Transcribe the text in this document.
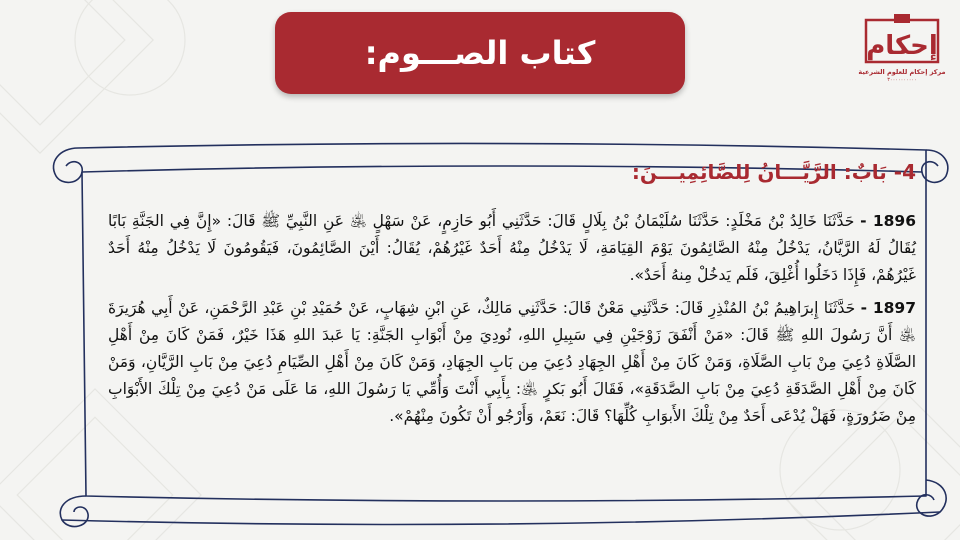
كتاب الصـــوم:	إحكام
مركز إحكام للعلوم الشرعية
٣٠٠٠٠٠٠٠٠٠٠
4- بَابٌ: الرَّيَّـــانُ لِلصَّائِمِيـــنَ:

1896 - حَدَّثَنَا خَالِدُ بْنُ مَخْلَدٍ: حَدَّثَنَا سُلَيْمَانُ بْنُ بِلَالٍ قَالَ: حَدَّثَنِي أَبُو حَازِمٍ، عَنْ سَهْلٍ ﵁ عَنِ النَّبِيِّ ﷺ قَالَ: «إِنَّ فِي الجَنَّةِ بَابًا يُقَالُ لَهُ الرَّيَّانُ، يَدْخُلُ مِنْهُ الصَّائِمُونَ يَوْمَ القِيَامَةِ، لَا يَدْخُلُ مِنْهُ أَحَدٌ غَيْرُهُمْ، يُقَالُ: أَيْنَ الصَّائِمُونَ، فَيَقُومُونَ لَا يَدْخُلُ مِنْهُ أَحَدٌ غَيْرُهُمْ، فَإِذَا دَخَلُوا أُغْلِقَ، فَلَم يَدخُلْ مِنهُ أَحَدٌ».

1897 - حَدَّثَنَا إِبرَاهِيمُ بْنُ المُنْذِرِ قَالَ: حَدَّثَنِي مَعْنٌ قَالَ: حَدَّثَنِي مَالِكٌ، عَنِ ابْنِ شِهَابٍ، عَنْ حُمَيْدِ بْنِ عَبْدِ الرَّحْمَنِ، عَنْ أَبِي هُرَيرَةَ ﵁ أَنَّ رَسُولَ اللهِ ﷺ قَالَ: «مَنْ أَنْفَقَ زَوْجَيْنِ فِي سَبِيلِ اللهِ، نُودِيَ مِنْ أَبْوَابِ الجَنَّةِ: يَا عَبدَ اللهِ هَذَا خَيْرٌ، فَمَنْ كَانَ مِنْ أَهْلِ الصَّلَاةِ دُعِيَ مِنْ بَابِ الصَّلَاةِ، وَمَنْ كَانَ مِنْ أَهْلِ الجِهَادِ دُعِيَ مِن بَابِ الجِهَادِ، وَمَنْ كَانَ مِنْ أَهْلِ الصِّيَامِ دُعِيَ مِنْ بَابِ الرَّيَّانِ، وَمَنْ كَانَ مِنْ أَهْلِ الصَّدَقَةِ دُعِيَ مِنْ بَابِ الصَّدَقَةِ»، فَقَالَ أَبُو بَكرٍ ﵁: بِأَبِي أَنْتَ وَأُمِّي يَا رَسُولَ اللهِ، مَا عَلَى مَنْ دُعِيَ مِنْ تِلْكَ الأَبْوَابِ مِنْ ضَرُورَةٍ، فَهَلْ يُدْعَى أَحَدٌ مِنْ تِلْكَ الأَبوَابِ كُلِّهَا؟ قَالَ: نَعَمْ، وَأَرْجُو أَنْ تَكُونَ مِنْهُمْ».
